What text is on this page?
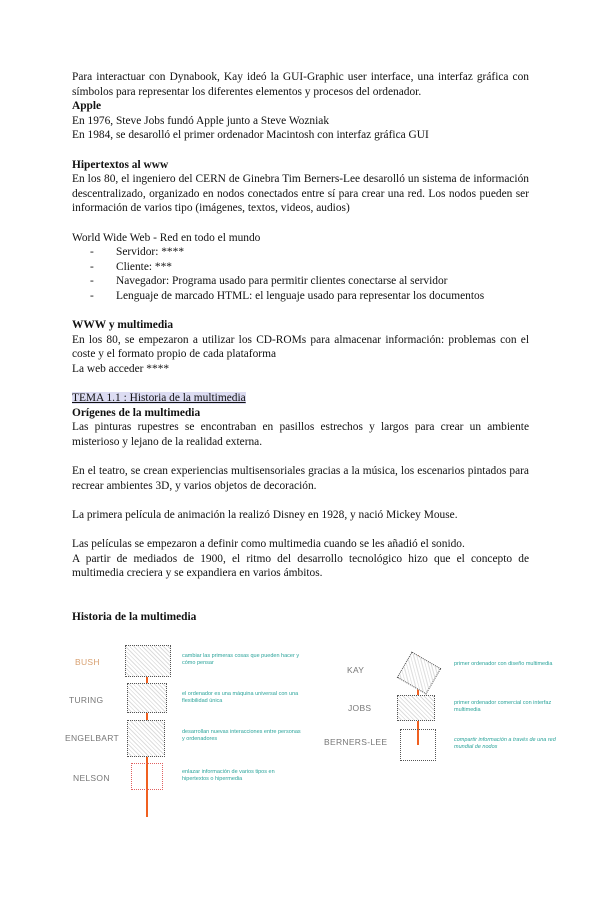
Para interactuar con Dynabook, Kay ideó la GUI-Graphic user interface, una interfaz gráfica con símbolos para representar los diferentes elementos y procesos del ordenador.

Apple

En 1976, Steve Jobs fundó Apple junto a Steve Wozniak

En 1984, se desarolló el primer ordenador Macintosh con interfaz gráfica GUI

Hipertextos al www

En los 80, el ingeniero del CERN de Ginebra Tim Berners-Lee desarolló un sistema de información descentralizado, organizado en nodos conectados entre sí para crear una red. Los nodos pueden ser información de varios tipo (imágenes, textos, videos, audios)

World Wide Web - Red en todo el mundo

- Servidor: ****
- Cliente: ***
- Navegador: Programa usado para permitir clientes conectarse al servidor
- Lenguaje de marcado HTML: el lenguaje usado para representar los documentos

WWW y multimedia

En los 80, se empezaron a utilizar los CD-ROMs para almacenar información: problemas con el coste y el formato propio de cada plataforma

La web acceder ****

TEMA 1.1 : Historia de la multimedia

Orígenes de la multimedia

Las pinturas rupestres se encontraban en pasillos estrechos y largos para crear un ambiente misterioso y lejano de la realidad externa.

En el teatro, se crean experiencias multisensoriales gracias a la música, los escenarios pintados para recrear ambientes 3D, y varios objetos de decoración.

La primera película de animación la realizó Disney en 1928, y nació Mickey Mouse.

Las películas se empezaron a definir como multimedia cuando se les añadió el sonido.

A partir de mediados de 1900, el ritmo del desarrollo tecnológico hizo que el concepto de multimedia creciera y se expandiera en varios ámbitos.

Historia de la multimedia

BUSH
cambiar las primeras cosas que pueden hacer y cómo pensar
TURING
el ordenador es una máquina universal con una flexibilidad única
ENGELBART
desarrollan nuevas interacciones entre personas y ordenadores
NELSON
enlazar información de varios tipos en hipertextos o hipermedia
KAY
primer ordenador con diseño multimedia
JOBS	primer ordenador comercial con interfaz multimedia
BERNERS-LEE	compartir información a través de una red mundial de nodos
